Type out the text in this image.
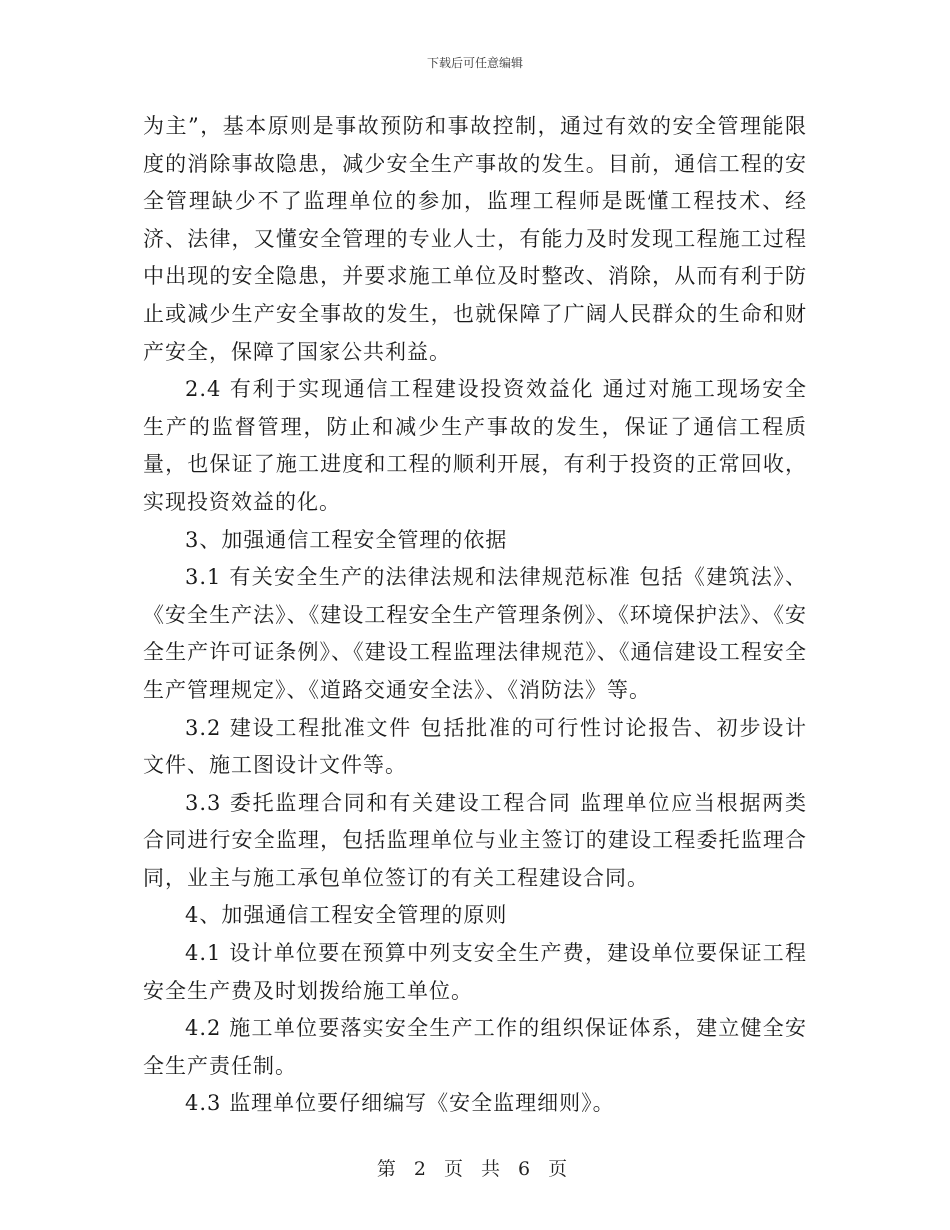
下载后可任意编辑

为主”，基本原则是事故预防和事故控制，通过有效的安全管理能限度的消除事故隐患，减少安全生产事故的发生。目前，通信工程的安全管理缺少不了监理单位的参加，监理工程师是既懂工程技术、经济、法律，又懂安全管理的专业人士，有能力及时发现工程施工过程中出现的安全隐患，并要求施工单位及时整改、消除，从而有利于防止或减少生产安全事故的发生，也就保障了广阔人民群众的生命和财产安全，保障了国家公共利益。

2.4 有利于实现通信工程建设投资效益化 通过对施工现场安全生产的监督管理，防止和减少生产事故的发生，保证了通信工程质量，也保证了施工进度和工程的顺利开展，有利于投资的正常回收，实现投资效益的化。

3、加强通信工程安全管理的依据

3.1 有关安全生产的法律法规和法律规范标准 包括《建筑法》、《安全生产法》、《建设工程安全生产管理条例》、《环境保护法》、《安全生产许可证条例》、《建设工程监理法律规范》、《通信建设工程安全生产管理规定》、《道路交通安全法》、《消防法》等。

3.2 建设工程批准文件 包括批准的可行性讨论报告、初步设计文件、施工图设计文件等。

3.3 委托监理合同和有关建设工程合同 监理单位应当根据两类合同进行安全监理，包括监理单位与业主签订的建设工程委托监理合同，业主与施工承包单位签订的有关工程建设合同。

4、加强通信工程安全管理的原则

4.1 设计单位要在预算中列支安全生产费，建设单位要保证工程安全生产费及时划拨给施工单位。

4.2 施工单位要落实安全生产工作的组织保证体系，建立健全安全生产责任制。

4.3 监理单位要仔细编写《安全监理细则》。

第 2 页 共 6 页
